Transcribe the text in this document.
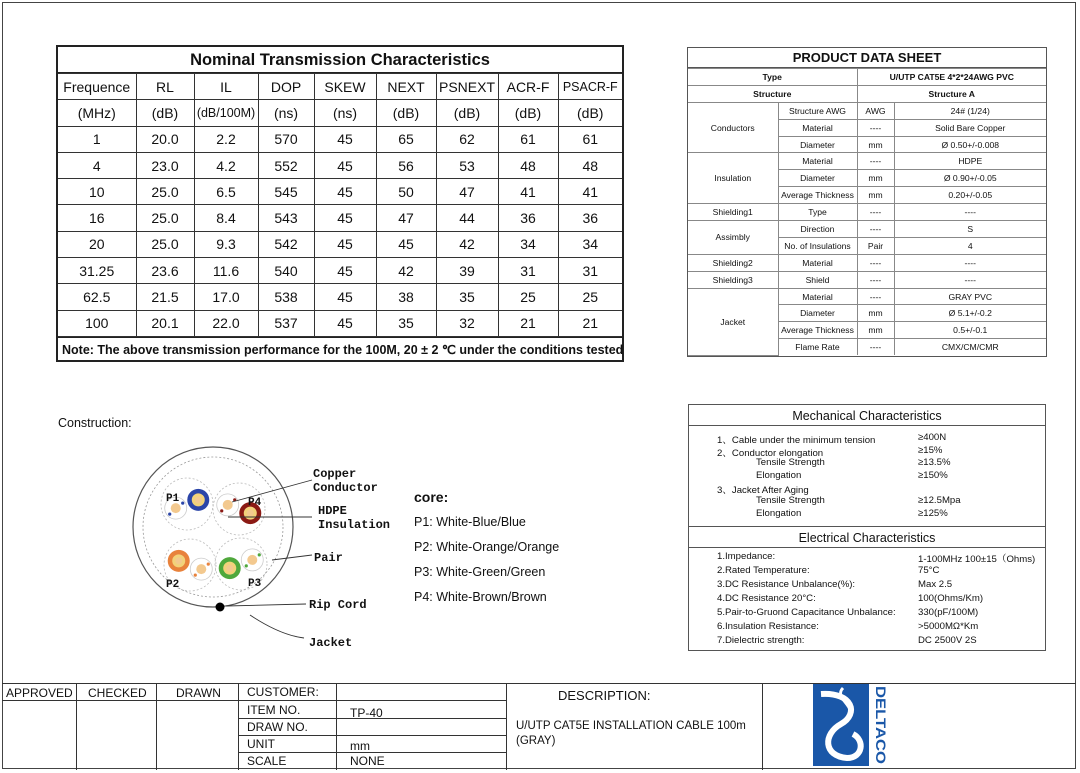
Nominal Transmission Characteristics
Frequence	RL	IL	DOP	SKEW	NEXT	PSNEXT	ACR-F	PSACR-F
(MHz)	(dB)	(dB/100M)	(ns)	(ns)	(dB)	(dB)	(dB)	(dB)
1	20.0	2.2	570	45	65	62	61	61
4	23.0	4.2	552	45	56	53	48	48
10	25.0	6.5	545	45	50	47	41	41
16	25.0	8.4	543	45	47	44	36	36
20	25.0	9.3	542	45	45	42	34	34
31.25	23.6	11.6	540	45	42	39	31	31
62.5	21.5	17.0	538	45	38	35	25	25
100	20.1	22.0	537	45	35	32	21	21
Note: The above transmission performance for the 100M, 20 ± 2 ℃ under the conditions tested
PRODUCT DATA SHEET
Type		U/UTP CAT5E 4*2*24AWG PVC	
Structure		Structure A	
Conductors	Structure AWG	AWG	24# (1/24)
	Material	----	Solid Bare Copper
	Diameter	mm	Ø 0.50+/-0.008
Insulation	Material	----	HDPE
	Diameter	mm	Ø 0.90+/-0.05
	Average Thickness	mm	0.20+/-0.05
Shielding1	Type	----	----
Assimbly	Direction	----	S
	No. of Insulations	Pair	4
Shielding2	Material	----	----
Shielding3	Shield	----	----
Jacket	Material	----	GRAY PVC
	Diameter	mm	Ø 5.1+/-0.2
	Average Thickness	mm	0.5+/-0.1
	Flame Rate	----	CMX/CM/CMR
Mechanical Characteristics
1、Cable under the minimum tension	≥400N
2、Conductor elongation	≥15%
Tensile Strength	≥13.5%
Elongation	≥150%
3、Jacket After Aging
Tensile Strength	≥12.5Mpa
Elongation	≥125%
Electrical Characteristics
1.Impedance:	1-100MHz 100±15（Ohms)
2.Rated Temperature:	75°C
3.DC Resistance Unbalance(%):	Max 2.5
4.DC Resistance 20°C:	100(Ohms/Km)
5.Pair-to-Gruond Capacitance Unbalance: 330(pF/100M)
6.Insulation Resistance:	>5000MΩ*Km
7.Dielectric strength:	DC 2500V 2S
Construction:
Copper
Conductor
HDPE
Insulation
Pair
Rip Cord
Jacket
P1	P4
P2	P3
core:
P1: White-Blue/Blue
P2: White-Orange/Orange
P3: White-Green/Green
P4: White-Brown/Brown
APPROVED CHECKED DRAWN CUSTOMER:
ITEM NO.	TP-40
DRAW NO.
UNIT	mm
SCALE	NONE
DESCRIPTION:
U/UTP CAT5E INSTALLATION CABLE 100m
(GRAY)	DELTACO
